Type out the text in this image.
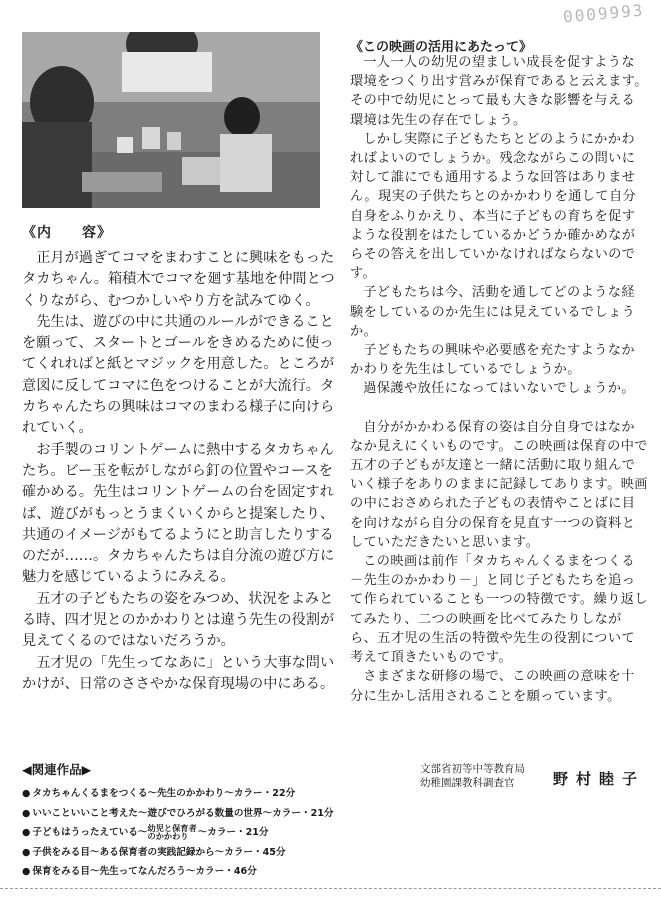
0009993
《内　　容》

正月が過ぎてコマをまわすことに興味をもったタカちゃん。箱積木でコマを廻す基地を仲間とつくりながら、むつかしいやり方を試みてゆく。

先生は、遊びの中に共通のルールができることを願って、スタートとゴールをきめるために使ってくれればと紙とマジックを用意した。ところが意図に反してコマに色をつけることが大流行。タカちゃんたちの興味はコマのまわる様子に向けられていく。

お手製のコリントゲームに熱中するタカちゃんたち。ビー玉を転がしながら釘の位置やコースを確かめる。先生はコリントゲームの台を固定すれば、遊びがもっとうまくいくからと提案したり、共通のイメージがもてるようにと助言したりするのだが……。タカちゃんたちは自分流の遊び方に魅力を感じているようにみえる。

五才の子どもたちの姿をみつめ、状況をよみとる時、四才児とのかかわりとは違う先生の役割が見えてくるのではないだろうか。

五才児の「先生ってなあに」という大事な問いかけが、日常のささやかな保育現場の中にある。

◀関連作品▶
● タカちゃんくるまをつくる～先生のかかわり～カラー・22分
● いいこといいこと考えた～遊びでひろがる数量の世界～カラー・21分
● 子どもはうったえている～幼児と保育者
のかかわり ～カラー・21分
● 子供をみる目～ある保育者の実践記録から～カラー・45分
● 保育をみる目～先生ってなんだろう～カラー・46分
《この映画の活用にあたって》

一人一人の幼児の望ましい成長を促すような環境をつくり出す営みが保育であると云えます。その中で幼児にとって最も大きな影響を与える環境は先生の存在でしょう。

しかし実際に子どもたちとどのようにかかわればよいのでしょうか。残念ながらこの問いに対して誰にでも通用するような回答はありません。現実の子供たちとのかかわりを通して自分自身をふりかえり、本当に子どもの育ちを促すような役割をはたしているかどうか確かめながらその答えを出していかなければならないのです。

子どもたちは今、活動を通してどのような経験をしているのか先生には見えているでしょうか。

子どもたちの興味や必要感を充たすようなかかわりを先生はしているでしょうか。

過保護や放任になってはいないでしょうか。

自分がかかわる保育の姿は自分自身ではなかなか見えにくいものです。この映画は保育の中で五才の子どもが友達と一緒に活動に取り組んでいく様子をありのままに記録してあります。映画の中におさめられた子どもの表情やことばに目を向けながら自分の保育を見直す一つの資料としていただきたいと思います。

この映画は前作「タカちゃんくるまをつくる－先生のかかわり－」と同じ子どもたちを追って作られていることも一つの特徴です。繰り返してみたり、二つの映画を比べてみたりしながら、五才児の生活の特徴や先生の役割について考えて頂きたいものです。

さまざまな研修の場で、この映画の意味を十分に生かし活用されることを願っています。

文部省初等中等教育局
幼稚園課教科調査官	野村睦子
